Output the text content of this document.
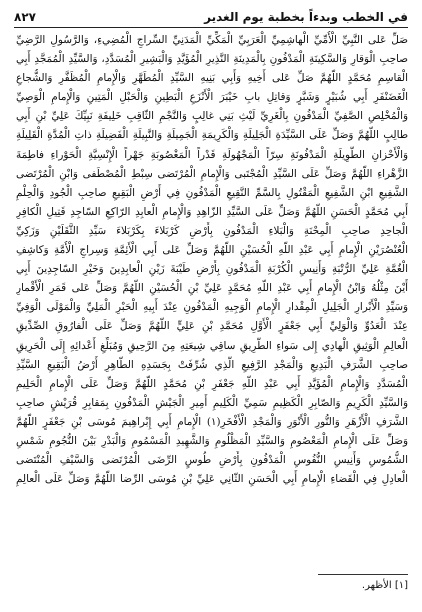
في الخطب وبدءاً بخطبة يوم الغدير
٨٢٧
صَلِّ عَلى النَّبِيِّ الْأُمِّيِّ الْهاشِمِيِّ الْعَرَبِيِّ الْمَكِّيِّ الْمَدَنِيِّ السِّراجِ الْمُضِيءِ، وَالرَّسُولِ الرَّضِيِّ
صاحِبِ الْوَقارِ وَالسَّكِينَةِ الْمَدْفُونِ بِالْمَدِينَةِ النَّذِيرِ الْمُؤَيَّدِ وَالْبَشِيرِ الْمُسَدَّدِ، وَالسَّيِّدِ الْمُمَجَّدِ أَبِي
الْقاسِمِ مُحَمَّدٍ اللّهُمَّ صَلِّ عَلى أَخِيهِ وَأَبِي بَنِيهِ السَّيِّدِ الْمُطَهَّرِ وَالْإِمامِ الْمُظَفَّرِ وَالشُّجاعِ
الْغَضَنْفَرِ أَبِي شُبَيْرٍ وَشَبَّرٍ وَقاتِلِ بابِ خَيْبَرَ الْأَنْزَعِ الْبَطِينِ وَالْحَبْلِ الْمَتِينِ وَالْإِمامِ الْوَصِيِّ
وَالْمُخْلِصِ الصَّفِيِّ الْمَدْفُونِ بِالْغَرِيِّ لَيْثِ بَنِي غالِبٍ وَالنَّجْمِ الثّاقِبِ خَلِيفَةِ نَبِيِّكَ عَلِيِّ بْنِ أَبِي
طالِبٍ اللّهُمَّ وَصَلِّ عَلَى السَّيِّدَةِ الْجَلِيلَةِ وَالْكَرِيمَةِ الْجَمِيلَةِ وَالنَّبِيلَةِ الْفَضِيلَةِ ذاتِ الْمُدَّةِ الْقَلِيلَةِ
وَالْأَحْزانِ الطَّوِيلَةِ الْمَدْفُونَةِ سِرّاً الْمَجْهُولَةِ قَدْراً الْمَغْصُوبَةِ جَهْراً الْإِنْسِيَّةِ الْحَوْراءِ فاطِمَةَ
الزَّهْراءِ اللّهُمَّ وَصَلِّ عَلَى السَّيِّدِ الْمُجْتَبى وَالْإِمامِ الْمُرْتَضى سِبْطِ الْمُصْطَفى وَابْنِ الْمُرْتَضى
الشَّفِيعِ ابْنِ الشَّفِيعِ الْمَقْتُولِ بِالسَّمِّ النَّقِيعِ الْمَدْفُونِ فِي أَرْضِ الْبَقِيعِ صاحِبِ الْجُودِ وَالْحِلْمِ
أَبِي مُحَمَّدٍ الْحَسَنِ اللّهُمَّ وَصَلِّ عَلَى السَّيِّدِ الزّاهِدِ وَالْإِمامِ الْعابِدِ الرّاكِعِ السّاجِدِ قَتِيلِ الْكافِرِ
الْجاحِدِ صاحِبِ الْمِحْنَةِ وَالْبَلاءِ الْمَدْفُونِ بِأَرْضِ كَرْبَلاءَ بِكَرْبَلاءَ سَيِّدِ الثَّقَلَيْنِ وَزَكِيِّ
الْعُنْصُرَيْنِ الْإِمامِ أَبِي عَبْدِ اللّهِ الْحُسَيْنِ اللّهُمَّ وَصَلِّ عَلى أَبِي الْأَئِمَّةِ وَسِراجِ الْأُمَّةِ وَكاشِفِ
الْغُمَّةِ عَلِيِّ الرُّتْبَةِ وَأَنِيسِ الْكُرْبَةِ الْمَدْفُونِ بِأَرْضِ طَيْبَةَ زَيْنِ الْعابِدِينَ وَخَيْرِ السّاجِدِينَ أَبِي
أَيْنَ مِثْلُهُ وَابْنُ الْإِمامِ أَبِي عَبْدِ اللّهِ مُحَمَّدٍ عَلِيِّ بْنِ الْحُسَيْنِ اللّهُمَّ وَصَلِّ عَلى قَمَرِ الْأَقْمارِ
وَسَيِّدِ الْأَبْرارِ الْجَلِيلِ الْمِقْدارِ الْإِمامِ الْوَجِيهِ الْمَدْفُونِ عِنْدَ أَبِيهِ الْحَبْرِ الْمَلِيِّ وَالْمَوْلَى الْوَفِيِّ
عِنْدَ الْعَدُوِّ وَالْوَلِيِّ أَبِي جَعْفَرٍ الْأَوَّلِ مُحَمَّدِ بْنِ عَلِيٍّ اللّهُمَّ وَصَلِّ عَلَى الْفارُوقِ الصِّدِّيقِ
الْعالِمِ الْوَثِيقِ الْهادِي إِلى سَواءِ الطَّرِيقِ ساقِي شِيعَتِهِ مِنَ الرَّحِيقِ وَمُبَلِّغِ أَعْدائِهِ إِلَى الْحَرِيقِ
صاحِبِ الشَّرَفِ الْبَدِيعِ وَالْمَجْدِ الرَّفِيعِ الَّذِي شُرِّفَتْ بِجَسَدِهِ الطّاهِرِ أَرْضُ الْبَقِيعِ السَّيِّدِ
الْمُسَدَّدِ وَالْإِمامِ الْمُؤَيَّدِ أَبِي عَبْدِ اللّهِ جَعْفَرِ بْنِ مُحَمَّدٍ اللّهُمَّ وَصَلِّ عَلَى الْإِمامِ الْحَلِيمِ
وَالسَّيِّدِ الْكَرِيمِ وَالصّابِرِ الْكَظِيمِ سَمِيِّ الْكَلِيمِ أَمِيرِ الْجَيْشِ الْمَدْفُونِ بِمَقابِرِ قُرَيْشٍ صاحِبِ
الشَّرَفِ الْأَزْهَرِ وَالنُّورِ الْأَنْوَرِ وَالْمَجْدِ الْأَفْخَرِ(١) الْإِمامِ أَبِي إِبْراهِيمَ مُوسَى بْنِ جَعْفَرٍ اللّهُمَّ
وَصَلِّ عَلَى الْإِمامِ الْمَعْصُومِ وَالسَّيِّدِ الْمَظْلُومِ وَالشَّهِيدِ الْمَسْمُومِ وَالْبَدْرِ بَيْنَ النُّجُومِ شَمْسِ
الشُّمُوسِ وَأَنِيسِ النُّفُوسِ الْمَدْفُونِ بِأَرْضِ طُوسٍ الرِّضَى الْمُرْتَضى وَالسَّيْفِ الْمُنْتَضى
الْعادِلِ فِي الْقَضاءِ الْإِمامِ أَبِي الْحَسَنِ الثّانِي عَلِيِّ بْنِ مُوسَى الرِّضا اللّهُمَّ وَصَلِّ عَلَى الْعالِمِ
[١] الأظهر.
